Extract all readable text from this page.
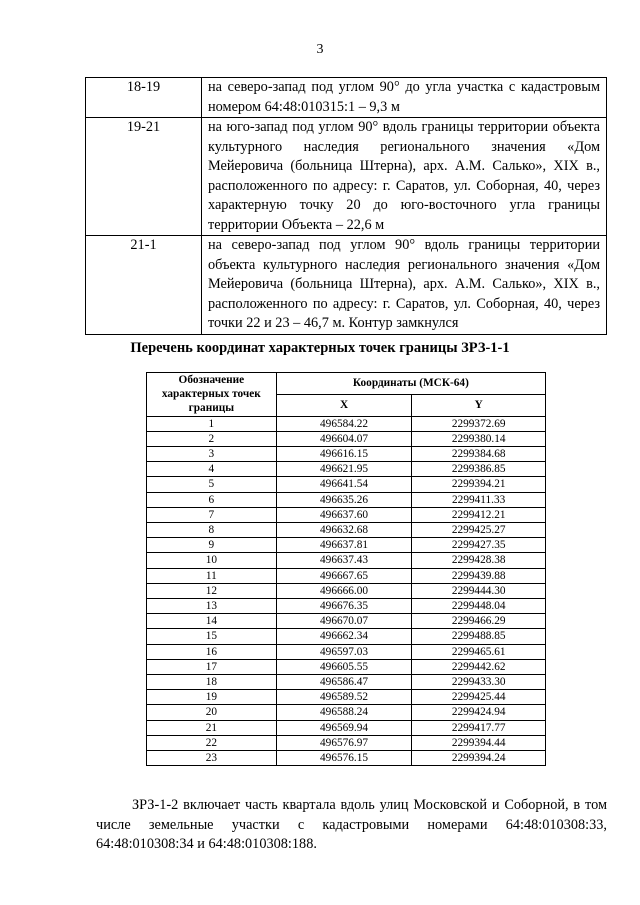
3
18-19	на северо-запад под углом 90° до угла участка с кадастровым номером 64:48:010315:1 – 9,3 м
19-21	на юго-запад под углом 90° вдоль границы территории объекта культурного наследия регионального значения «Дом Мейеровича (больница Штерна), арх. А.М. Салько», XIX в., расположенного по адресу: г. Саратов, ул. Соборная, 40, через характерную точку 20 до юго-восточного угла границы территории Объекта – 22,6 м
21-1	на северо-запад под углом 90° вдоль границы территории объекта культурного наследия регионального значения «Дом Мейеровича (больница Штерна), арх. А.М. Салько», XIX в., расположенного по адресу: г. Саратов, ул. Соборная, 40, через точки 22 и 23 – 46,7 м. Контур замкнулся
Перечень координат характерных точек границы ЗРЗ-1-1
Обозначение характерных точек границы	Координаты (МСК-64)	
	X	Y
1	496584.22	2299372.69
2	496604.07	2299380.14
3	496616.15	2299384.68
4	496621.95	2299386.85
5	496641.54	2299394.21
6	496635.26	2299411.33
7	496637.60	2299412.21
8	496632.68	2299425.27
9	496637.81	2299427.35
10	496637.43	2299428.38
11	496667.65	2299439.88
12	496666.00	2299444.30
13	496676.35	2299448.04
14	496670.07	2299466.29
15	496662.34	2299488.85
16	496597.03	2299465.61
17	496605.55	2299442.62
18	496586.47	2299433.30
19	496589.52	2299425.44
20	496588.24	2299424.94
21	496569.94	2299417.77
22	496576.97	2299394.44
23	496576.15	2299394.24
ЗРЗ-1-2 включает часть квартала вдоль улиц Московской и Соборной, в том числе земельные участки с кадастровыми номерами 64:48:010308:33, 64:48:010308:34 и 64:48:010308:188.
